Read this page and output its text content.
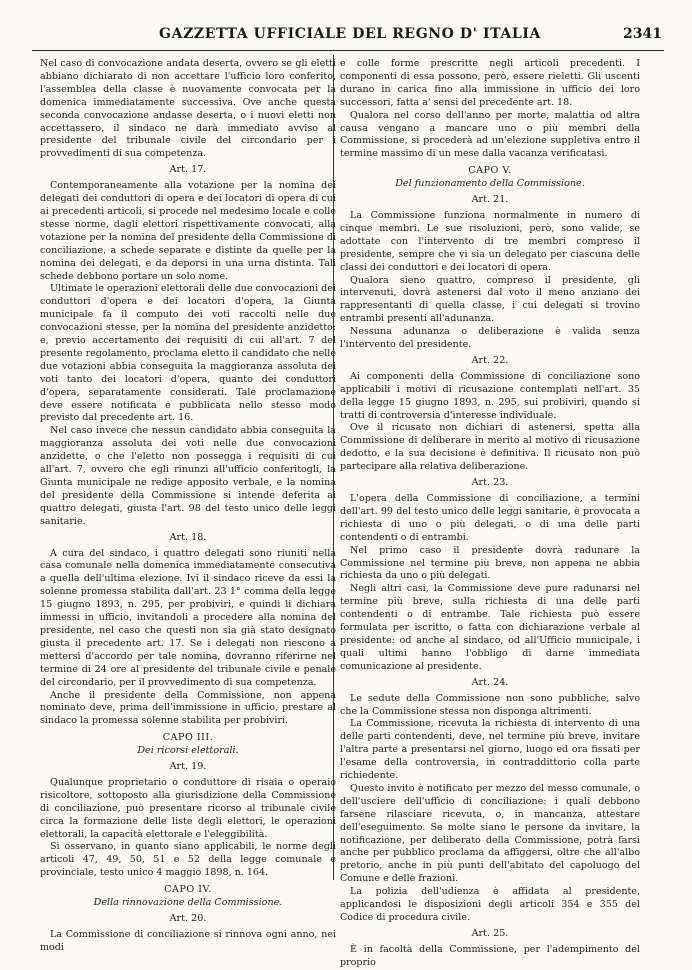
GAZZETTA UFFICIALE DEL REGNO D' ITALIA	2341

Nel caso di convocazione andata deserta, ovvero se gli eletti abbiano dichiarato di non accettare l'ufficio loro conferito, l'assemblea della classe è nuovamente convocata per la domenica immediatamente successiva. Ove anche questa seconda convocazione andasse deserta, o i nuovi eletti non accettassero, il sindaco ne darà immediato avviso al presidente del tribunale civile del circondario per i provvedimenti di sua competenza.

Art. 17.

Contemporaneamente alla votazione per la nomina dei delegati dei conduttori di opera e dei locatori di opera di cui ai precedenti articoli, si procede nel medesimo locale e colle stesse norme, dagli elettori rispettivamente convocati, alla votazione per la nomina del presidente della Commissione di conciliazione, a schede separate e distinte da quelle per la nomina dei delegati, e da deporsi in una urna distinta. Tali schede debbono portare un solo nome.

Ultimate le operazioni elettorali delle due convocazioni dei conduttori d'opera e dei locatori d'opera, la Giunta municipale fa il computo dei voti raccolti nelle due convocazioni stesse, per la nomina del presidente anzidetto: e, previo accertamento dei requisiti di cui all'art. 7 del presente regolamento, proclama eletto il candidato che nelle due votazioni abbia conseguita la maggioranza assoluta dei voti tanto dei locatori d'opera, quanto dei conduttori d'opera, separatamente considerati. Tale proclamazione deve essere notificata e pubblicata nello stesso modo previsto dal precedente art. 16.

Nel caso invece che nessun candidato abbia conseguita la maggioranza assoluta dei voti nelle due convocazioni anzidette, o che l'eletto non possegga i requisiti di cui all'art. 7, ovvero che egli rinunzi all'ufficio conferitogli, la Giunta municipale ne redige apposito verbale, e la nomina del presidente della Commissione si intende deferita ai quattro delegati, giusta l'art. 98 del testo unico delle leggi sanitarie.

Art. 18.

A cura del sindaco, i quattro delegati sono riuniti nella casa comunale nella domenica immediatamente consecutiva a quella dell'ultima elezione. Ivi il sindaco riceve da essi la solenne promessa stabilita dall'art. 23 1° comma della legge 15 giugno 1893, n. 295, per probiviri, e quindi li dichiara immessi in ufficio, invitandoli a procedere alla nomina del presidente, nel caso che questi non sia già stato designato giusta il precedente art. 17. Se i delegati non riescono a mettersi d'accordo per tale nomina, dovranno riferirne nel termine di 24 ore al presidente del tribunale civile e penale del circondario, per il provvedimento di sua competenza.

Anche il presidente della Commissione, non appena nominato deve, prima dell'immissione in ufficio, prestare al sindaco la promessa solenne stabilita per probiviri.

CAPO III.
Dei ricorsi elettorali.
Art. 19.

Qualunque proprietario o conduttore di risaia o operaio risicoltore, sottoposto alla giurisdizione della Commissione di conciliazione, può presentare ricorso al tribunale civile circa la formazione delle liste degli elettori, le operazioni elettorali, la capacità elettorale e l'eleggibilità.

Si osservano, in quanto siano applicabili, le norme degli articoli 47, 49, 50, 51 e 52 della legge comunale e provinciale, testo unico 4 maggio 1898, n. 164.

CAPO IV.
Della rinnovazione della Commissione.
Art. 20.

La Commissione di conciliazione si rinnova ogni anno, nei modi

e colle forme prescritte negli articoli precedenti. I componenti di essa possono, però, essere rieletti. Gli uscenti durano in carica fino alla immissione in ufficio dei loro successori, fatta a' sensi del precedente art. 18.

Qualora nel corso dell'anno per morte, malattia od altra causa vengano a mancare uno o più membri della Commissione, si procederà ad un'elezione suppletiva entro il termine massimo di un mese dalla vacanza verificatasi.

CAPO V.
Del funzionamento della Commissione.
Art. 21.

La Commissione funziona normalmente in numero di cinque membri. Le sue risoluzioni, però, sono valide, se adottate con l'intervento di tre membri compreso il presidente, sempre che vi sia un delegato per ciascuna delle classi dei conduttori e dei locatori di opera.

Qualora sieno quattro, compreso il presidente, gli intervenuti, dovrà astenersi dal voto il meno anziano dei rappresentanti di quella classe, i cui delegati si trovino entrambi presenti all'adunanza.

Nessuna adunanza o deliberazione è valida senza l'intervento del presidente.

Art. 22.

Ai componenti della Commissione di conciliazione sono applicabili i motivi di ricusazione contemplati nell'art. 35 della legge 15 giugno 1893, n. 295, sui probiviri, quando si tratti di controversia d'interesse individuale.

Ove il ricusato non dichiari di astenersi, spetta alla Commissione di deliberare in merito al motivo di ricusazione dedotto, e la sua decisione è definitiva. Il ricusato non può partecipare alla relativa deliberazione.

Art. 23.

L'opera della Commissione di conciliazione, a termini dell'art. 99 del testo unico delle leggi sanitarie, è provocata a richiesta di uno o più delegati, o di una delle parti contendenti o di entrambi.

Nel primo caso il presidente dovrà radunare la Commissione nel termine più breve, non appena ne abbia richiesta da uno o più delegati.

Negli altri casi, la Commissione deve pure radunarsi nel termine più breve, sulla richiesta di una delle parti contendenti o di entrambe. Tale richiesta può essere formulata per iscritto, o fatta con dichiarazione verbale al presidente: od anche al sindaco, od all'Ufficio municipale, i quali ultimi hanno l'obbligo di darne immediata comunicazione al presidente.

Art. 24.

Le sedute della Commissione non sono pubbliche, salvo che la Commissione stessa non disponga altrimenti.

La Commissione, ricevuta la richiesta di intervento di una delle parti contendenti, deve, nel termine più breve, invitare l'altra parte a presentarsi nel giorno, luogo ed ora fissati per l'esame della controversia, in contraddittorio colla parte richiedente.

Questo invito è notificato per mezzo del messo comunale, o dell'usciere dell'ufficio di conciliazione: i quali debbono farsene rilasciare ricevuta, o, in mancanza, attestare dell'eseguimento. Se molte siano le persone da invitare, la notificazione, per deliberato della Commissione, potrà farsi anche per pubblico proclama da affiggersi, oltre che all'albo pretorio, anche in più punti dell'abitato del capoluogo del Comune e delle frazioni.

La polizia dell'udienza è affidata al presidente, applicandosi le disposizioni degli articoli 354 e 355 del Codice di procedura civile.

Art. 25.

È in facoltà della Commissione, per l'adempimento del proprio
